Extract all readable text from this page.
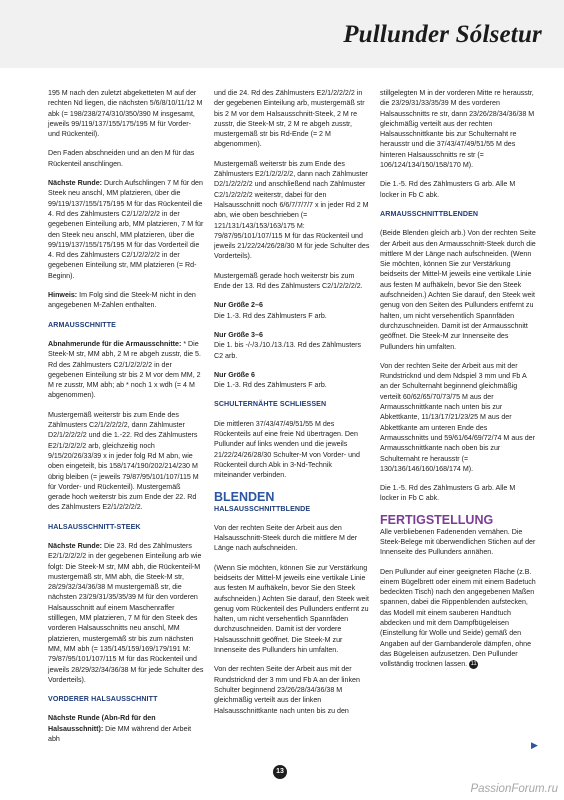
Pullunder Sólsetur

195 M nach den zuletzt abgeketteten M auf der rechten Nd liegen, die nächsten 5/6/8/10/11/12 M abk (= 198/238/274/310/350/390 M insgesamt, jeweils 99/119/137/155/175/195 M für Vorder- und Rückenteil).

Den Faden abschneiden und an den M für das Rückenteil anschlingen.

Nächste Runde: Durch Aufschlingen 7 M für den Steek neu anschl, MM platzieren, über die 99/119/137/155/175/195 M für das Rückenteil die 4. Rd des Zählmusters C2/1/2/2/2/2 in der gegebenen Einteilung arb, MM platzieren, 7 M für den Steek neu anschl, MM platzieren, über die 99/119/137/155/175/195 M für das Vorderteil die 4. Rd des Zählmusters C2/1/2/2/2/2 in der gegebenen Einteilung str, MM platzieren (= Rd-Beginn).

Hinweis: Im Folg sind die Steek-M nicht in den angegebenen M-Zahlen enthalten.

ARMAUSSCHNITTE

Abnahmerunde für die Armausschnitte: * Die Steek-M str, MM abh, 2 M re abgeh zusstr, die 5. Rd des Zählmusters C2/1/2/2/2/2 in der gegebenen Einteilung str bis 2 M vor dem MM, 2 M re zusstr, MM abh; ab * noch 1 x wdh (= 4 M abgenommen).

Mustergemäß weiterstr bis zum Ende des Zählmusters C2/1/2/2/2/2, dann Zählmuster D2/1/2/2/2/2 und die 1.-22. Rd des Zählmusters E2/1/2/2/2/2 arb, gleichzeitig noch 9/15/20/26/33/39 x in jeder folg Rd M abn, wie oben eingeteilt, bis 158/174/190/202/214/230 M übrig bleiben (= jeweils 79/87/95/101/107/115 M für Vorder- und Rückenteil). Mustergemäß gerade hoch weiterstr bis zum Ende der 22. Rd des Zählmusters E2/1/2/2/2/2.

HALSAUSSCHNITT-STEEK

Nächste Runde: Die 23. Rd des Zählmusters E2/1/2/2/2/2 in der gegebenen Einteilung arb wie folgt: Die Steek-M str, MM abh, die Rückenteil-M mustergemäß str, MM abh, die Steek-M str, 28/29/32/34/36/38 M mustergemäß str, die nächsten 23/29/31/35/35/39 M für den vorderen Halsausschnitt auf einem Maschenraffer stilllegen, MM platzieren, 7 M für den Steek des vorderen Halsausschnitts neu anschl, MM platzieren, mustergemäß str bis zum nächsten MM, MM abh (= 135/145/159/169/179/191 M: 79/87/95/101/107/115 M für das Rückenteil und jeweils 28/29/32/34/36/38 M für jede Schulter des Vorderteils).

VORDERER HALSAUSSCHNITT

Nächste Runde (Abn-Rd für den Halsausschnitt): Die MM während der Arbeit abh

und die 24. Rd des Zählmusters E2/1/2/2/2/2 in der gegebenen Einteilung arb, mustergemäß str bis 2 M vor dem Halsausschnitt-Steek, 2 M re zusstr, die Steek-M str, 2 M re abgeh zusstr, mustergemäß str bis Rd-Ende (= 2 M abgenommen).

Mustergemäß weiterstr bis zum Ende des Zählmusters E2/1/2/2/2/2, dann nach Zählmuster D2/1/2/2/2/2 und anschließend nach Zählmuster C2/1/2/2/2/2 weiterstr, dabei für den Halsausschnitt noch 6/6/7/7/7/7 x in jeder Rd 2 M abn, wie oben beschrieben (= 121/131/143/153/163/175 M: 79/87/95/101/107/115 M für das Rückenteil und jeweils 21/22/24/26/28/30 M für jede Schulter des Vorderteils).

Mustergemäß gerade hoch weiterstr bis zum Ende der 13. Rd des Zählmusters C2/1/2/2/2/2.

Nur Größe 2–6

Die 1.-3. Rd des Zählmusters F arb.

Nur Größe 3–6

Die 1. bis -/-/3./10./13./13. Rd des Zählmusters C2 arb.

Nur Größe 6

Die 1.-3. Rd des Zählmusters F arb.

SCHULTERNÄHTE SCHLIESSEN

Die mittleren 37/43/47/49/51/55 M des Rückenteils auf eine freie Nd übertragen. Den Pullunder auf links wenden und die jeweils 21/22/24/26/28/30 Schulter-M von Vorder- und Rückenteil durch Abk in 3-Nd-Technik miteinander verbinden.

BLENDEN

HALSAUSSCHNITTBLENDE

Von der rechten Seite der Arbeit aus den Halsausschnitt-Steek durch die mittlere M der Länge nach aufschneiden.

(Wenn Sie möchten, können Sie zur Verstärkung beidseits der Mittel-M jeweils eine vertikale Linie aus festen M aufhäkeln, bevor Sie den Steek aufschneiden.) Achten Sie darauf, den Steek weit genug vom Rückenteil des Pullunders entfernt zu halten, um nicht versehentlich Spannfäden durchzuschneiden. Damit ist der vordere Halsausschnitt geöffnet. Die Steek-M zur Innenseite des Pullunders hin umfalten.

Von der rechten Seite der Arbeit aus mit der Rundstricknd der 3 mm und Fb A an der linken Schulter beginnend 23/26/28/34/36/38 M gleichmäßig verteilt aus der linken Halsausschnittkante nach unten bis zu den

stillgelegten M in der vorderen Mitte re herausstr, die 23/29/31/33/35/39 M des vorderen Halsausschnitts re str, dann 23/26/28/34/36/38 M gleichmäßig verteilt aus der rechten Halsausschnittkante bis zur Schulternaht re herausstr und die 37/43/47/49/51/55 M des hinteren Halsausschnitts re str (= 106/124/134/150/158/170 M).

Die 1.-5. Rd des Zählmusters G arb. Alle M locker in Fb C abk.

ARMAUSSCHNITTBLENDEN

(Beide Blenden gleich arb.) Von der rechten Seite der Arbeit aus den Armausschnitt-Steek durch die mittlere M der Länge nach aufschneiden. (Wenn Sie möchten, können Sie zur Verstärkung beidseits der Mittel-M jeweils eine vertikale Linie aus festen M aufhäkeln, bevor Sie den Steek aufschneiden.) Achten Sie darauf, den Steek weit genug von den Seiten des Pullunders entfernt zu halten, um nicht versehentlich Spannfäden durchzuschneiden. Damit ist der Armausschnitt geöffnet. Die Steek-M zur Innenseite des Pullunders hin umfalten.

Von der rechten Seite der Arbeit aus mit der Rundstricknd und dem Ndspiel 3 mm und Fb A an der Schulternaht beginnend gleichmäßig verteilt 60/62/65/70/73/75 M aus der Armausschnittkante nach unten bis zur Abkettkante, 11/13/17/21/23/25 M aus der Abkettkante am unteren Ende des Armausschnitts und 59/61/64/69/72/74 M aus der Armausschnittkante nach oben bis zur Schulternaht re herausstr (= 130/136/146/160/168/174 M).

Die 1.-5. Rd des Zählmusters G arb. Alle M locker in Fb C abk.

FERTIGSTELLUNG

Alle verbliebenen Fadenenden vernähen. Die Steek-Belege mit überwendlichen Stichen auf der Innenseite des Pullunders annähen.

Den Pullunder auf einer geeigneten Fläche (z.B. einem Bügelbrett oder einem mit einem Badetuch bedeckten Tisch) nach den angegebenen Maßen spannen, dabei die Rippenblenden aufstecken, das Modell mit einem sauberen Handtuch abdecken und mit dem Dampfbügeleisen (Einstellung für Wolle und Seide) gemäß den Angaben auf der Garnbanderole dämpfen, ohne das Bügeleisen aufzusetzen. Den Pullunder vollständig trocknen lassen. 11

▶
13
PassionForum.ru
